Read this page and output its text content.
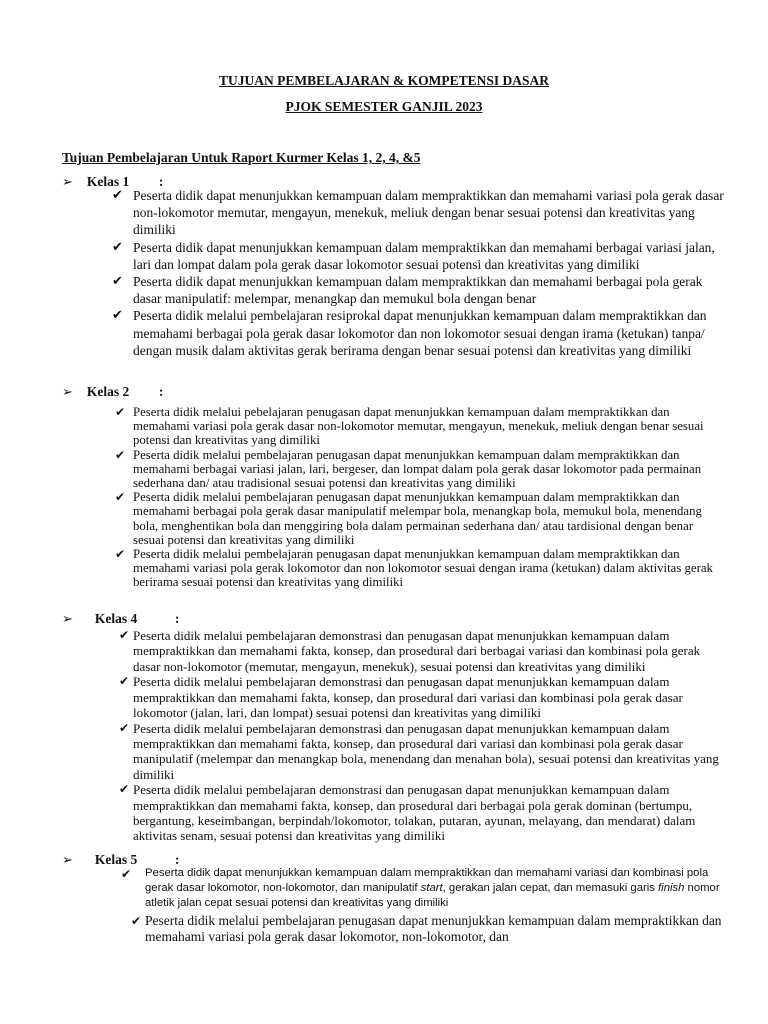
TUJUAN PEMBELAJARAN & KOMPETENSI DASAR
PJOK SEMESTER GANJIL 2023

Tujuan Pembelajaran Untuk Raport Kurmer Kelas 1, 2, 4, &5

➢ Kelas 1	:
✔ Peserta didik dapat menunjukkan kemampuan dalam mempraktikkan dan memahami variasi pola gerak dasar non-lokomotor memutar, mengayun, menekuk, meliuk dengan benar sesuai potensi dan kreativitas yang dimiliki
✔ Peserta didik dapat menunjukkan kemampuan dalam mempraktikkan dan memahami berbagai variasi jalan, lari dan lompat dalam pola gerak dasar lokomotor sesuai potensi dan kreativitas yang dimiliki
✔ Peserta didik dapat menunjukkan kemampuan dalam mempraktikkan dan memahami berbagai pola gerak dasar manipulatif: melempar, menangkap dan memukul bola dengan benar
✔ Peserta didik melalui pembelajaran resiprokal dapat menunjukkan kemampuan dalam mempraktikkan dan memahami berbagai pola gerak dasar lokomotor dan non lokomotor sesuai dengan irama (ketukan) tanpa/ dengan musik dalam aktivitas gerak berirama dengan benar sesuai potensi dan kreativitas yang dimiliki
➢ Kelas 2	:
✔ Peserta didik melalui pebelajaran penugasan dapat menunjukkan kemampuan dalam mempraktikkan dan memahami variasi pola gerak dasar non-lokomotor memutar, mengayun, menekuk, meliuk dengan benar sesuai potensi dan kreativitas yang dimiliki
✔ Peserta didik melalui pembelajaran penugasan dapat menunjukkan kemampuan dalam mempraktikkan dan memahami berbagai variasi jalan, lari, bergeser, dan lompat dalam pola gerak dasar lokomotor pada permainan sederhana dan/ atau tradisional sesuai potensi dan kreativitas yang dimiliki
✔ Peserta didik melalui pembelajaran penugasan dapat menunjukkan kemampuan dalam mempraktikkan dan memahami berbagai pola gerak dasar manipulatif melempar bola, menangkap bola, memukul bola, menendang bola, menghentikan bola dan menggiring bola dalam permainan sederhana dan/ atau tardisional dengan benar sesuai potensi dan kreativitas yang dimiliki
✔ Peserta didik melalui pembelajaran penugasan dapat menunjukkan kemampuan dalam mempraktikkan dan memahami variasi pola gerak lokomotor dan non lokomotor sesuai dengan irama (ketukan) dalam aktivitas gerak berirama sesuai potensi dan kreativitas yang dimiliki
➢ Kelas 4	:
✔ Peserta didik melalui pembelajaran demonstrasi dan penugasan dapat menunjukkan kemampuan dalam mempraktikkan dan memahami fakta, konsep, dan prosedural dari berbagai variasi dan kombinasi pola gerak dasar non-lokomotor (memutar, mengayun, menekuk), sesuai potensi dan kreativitas yang dimiliki
✔ Peserta didik melalui pembelajaran demonstrasi dan penugasan dapat menunjukkan kemampuan dalam mempraktikkan dan memahami fakta, konsep, dan prosedural dari variasi dan kombinasi pola gerak dasar lokomotor (jalan, lari, dan lompat) sesuai potensi dan kreativitas yang dimiliki
✔ Peserta didik melalui pembelajaran demonstrasi dan penugasan dapat menunjukkan kemampuan dalam mempraktikkan dan memahami fakta, konsep, dan prosedural dari variasi dan kombinasi pola gerak dasar manipulatif (melempar dan menangkap bola, menendang dan menahan bola), sesuai potensi dan kreativitas yang dimiliki
✔ Peserta didik melalui pembelajaran demonstrasi dan penugasan dapat menunjukkan kemampuan dalam mempraktikkan dan memahami fakta, konsep, dan prosedural dari berbagai pola gerak dominan (bertumpu, bergantung, keseimbangan, berpindah/lokomotor, tolakan, putaran, ayunan, melayang, dan mendarat) dalam aktivitas senam, sesuai potensi dan kreativitas yang dimiliki
➢ Kelas 5	:
✔ Peserta didik dapat menunjukkan kemampuan dalam mempraktikkan dan memahami variasi dan kombinasi pola gerak dasar lokomotor, non-lokomotor, dan manipulatif start, gerakan jalan cepat, dan memasuki garis finish nomor atletik jalan cepat sesuai potensi dan kreativitas yang dimiliki
✔ Peserta didik melalui pembelajaran penugasan dapat menunjukkan kemampuan dalam mempraktikkan dan memahami variasi pola gerak dasar lokomotor, non-lokomotor, dan
